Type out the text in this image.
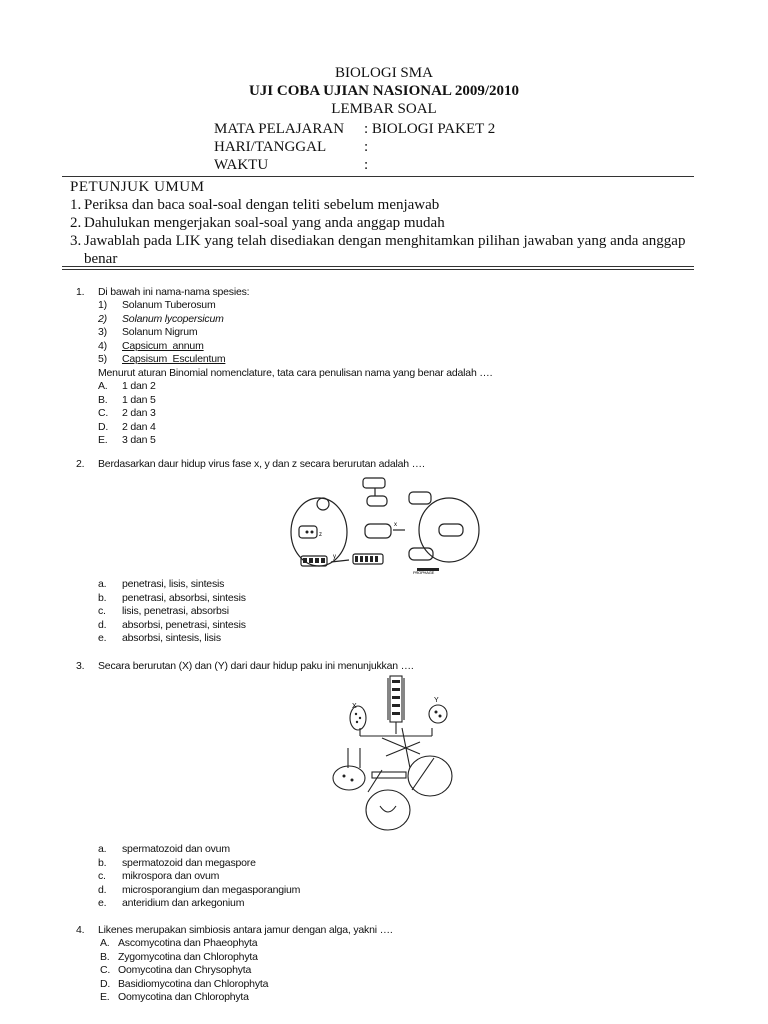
BIOLOGI SMA
UJI COBA UJIAN NASIONAL 2009/2010
LEMBAR SOAL
MATA PELAJARAN : BIOLOGI PAKET 2
HARI/TANGGAL	:
WAKTU	:
PETUNJUK UMUM
1. Periksa dan baca soal-soal dengan teliti sebelum menjawab
2. Dahulukan mengerjakan soal-soal yang anda anggap mudah
3. Jawablah pada LIK yang telah disediakan dengan menghitamkan pilihan jawaban yang anda anggap benar
1.	Di bawah ini nama-nama spesies:
1)	Solanum Tuberosum
2)	Solanum lycopersicum
3)	Solanum Nigrum
4)	Capsicum  annum
5)	Capsisum  Esculentum
Menurut aturan Binomial nomenclature, tata cara penulisan nama yang benar adalah ….
A.	1 dan 2
B.	1 dan 5
C.	2 dan 3
D.	2 dan 4
E.	3 dan 5
2.	Berdasarkan daur hidup virus fase x, y dan z secara berurutan adalah ….
z
x
y
PROPHAGE
a.	penetrasi, lisis, sintesis
b.	penetrasi, absorbsi, sintesis
c.	lisis, penetrasi, absorbsi
d.	absorbsi, penetrasi, sintesis
e.	absorbsi, sintesis, lisis
3.	Secara berurutan (X) dan (Y) dari daur hidup paku ini menunjukkan ….
X
Y
a.	spermatozoid dan ovum
b.	spermatozoid dan megaspore
c.	mikrospora dan ovum
d.	microsporangium dan megasporangium
e.	anteridium dan arkegonium
4.	Likenes merupakan simbiosis antara jamur dengan alga, yakni ….
A. Ascomycotina dan Phaeophyta
B. Zygomycotina dan Chlorophyta
C. Oomycotina dan Chrysophyta
D. Basidiomycotina dan Chlorophyta
E. Oomycotina dan Chlorophyta
